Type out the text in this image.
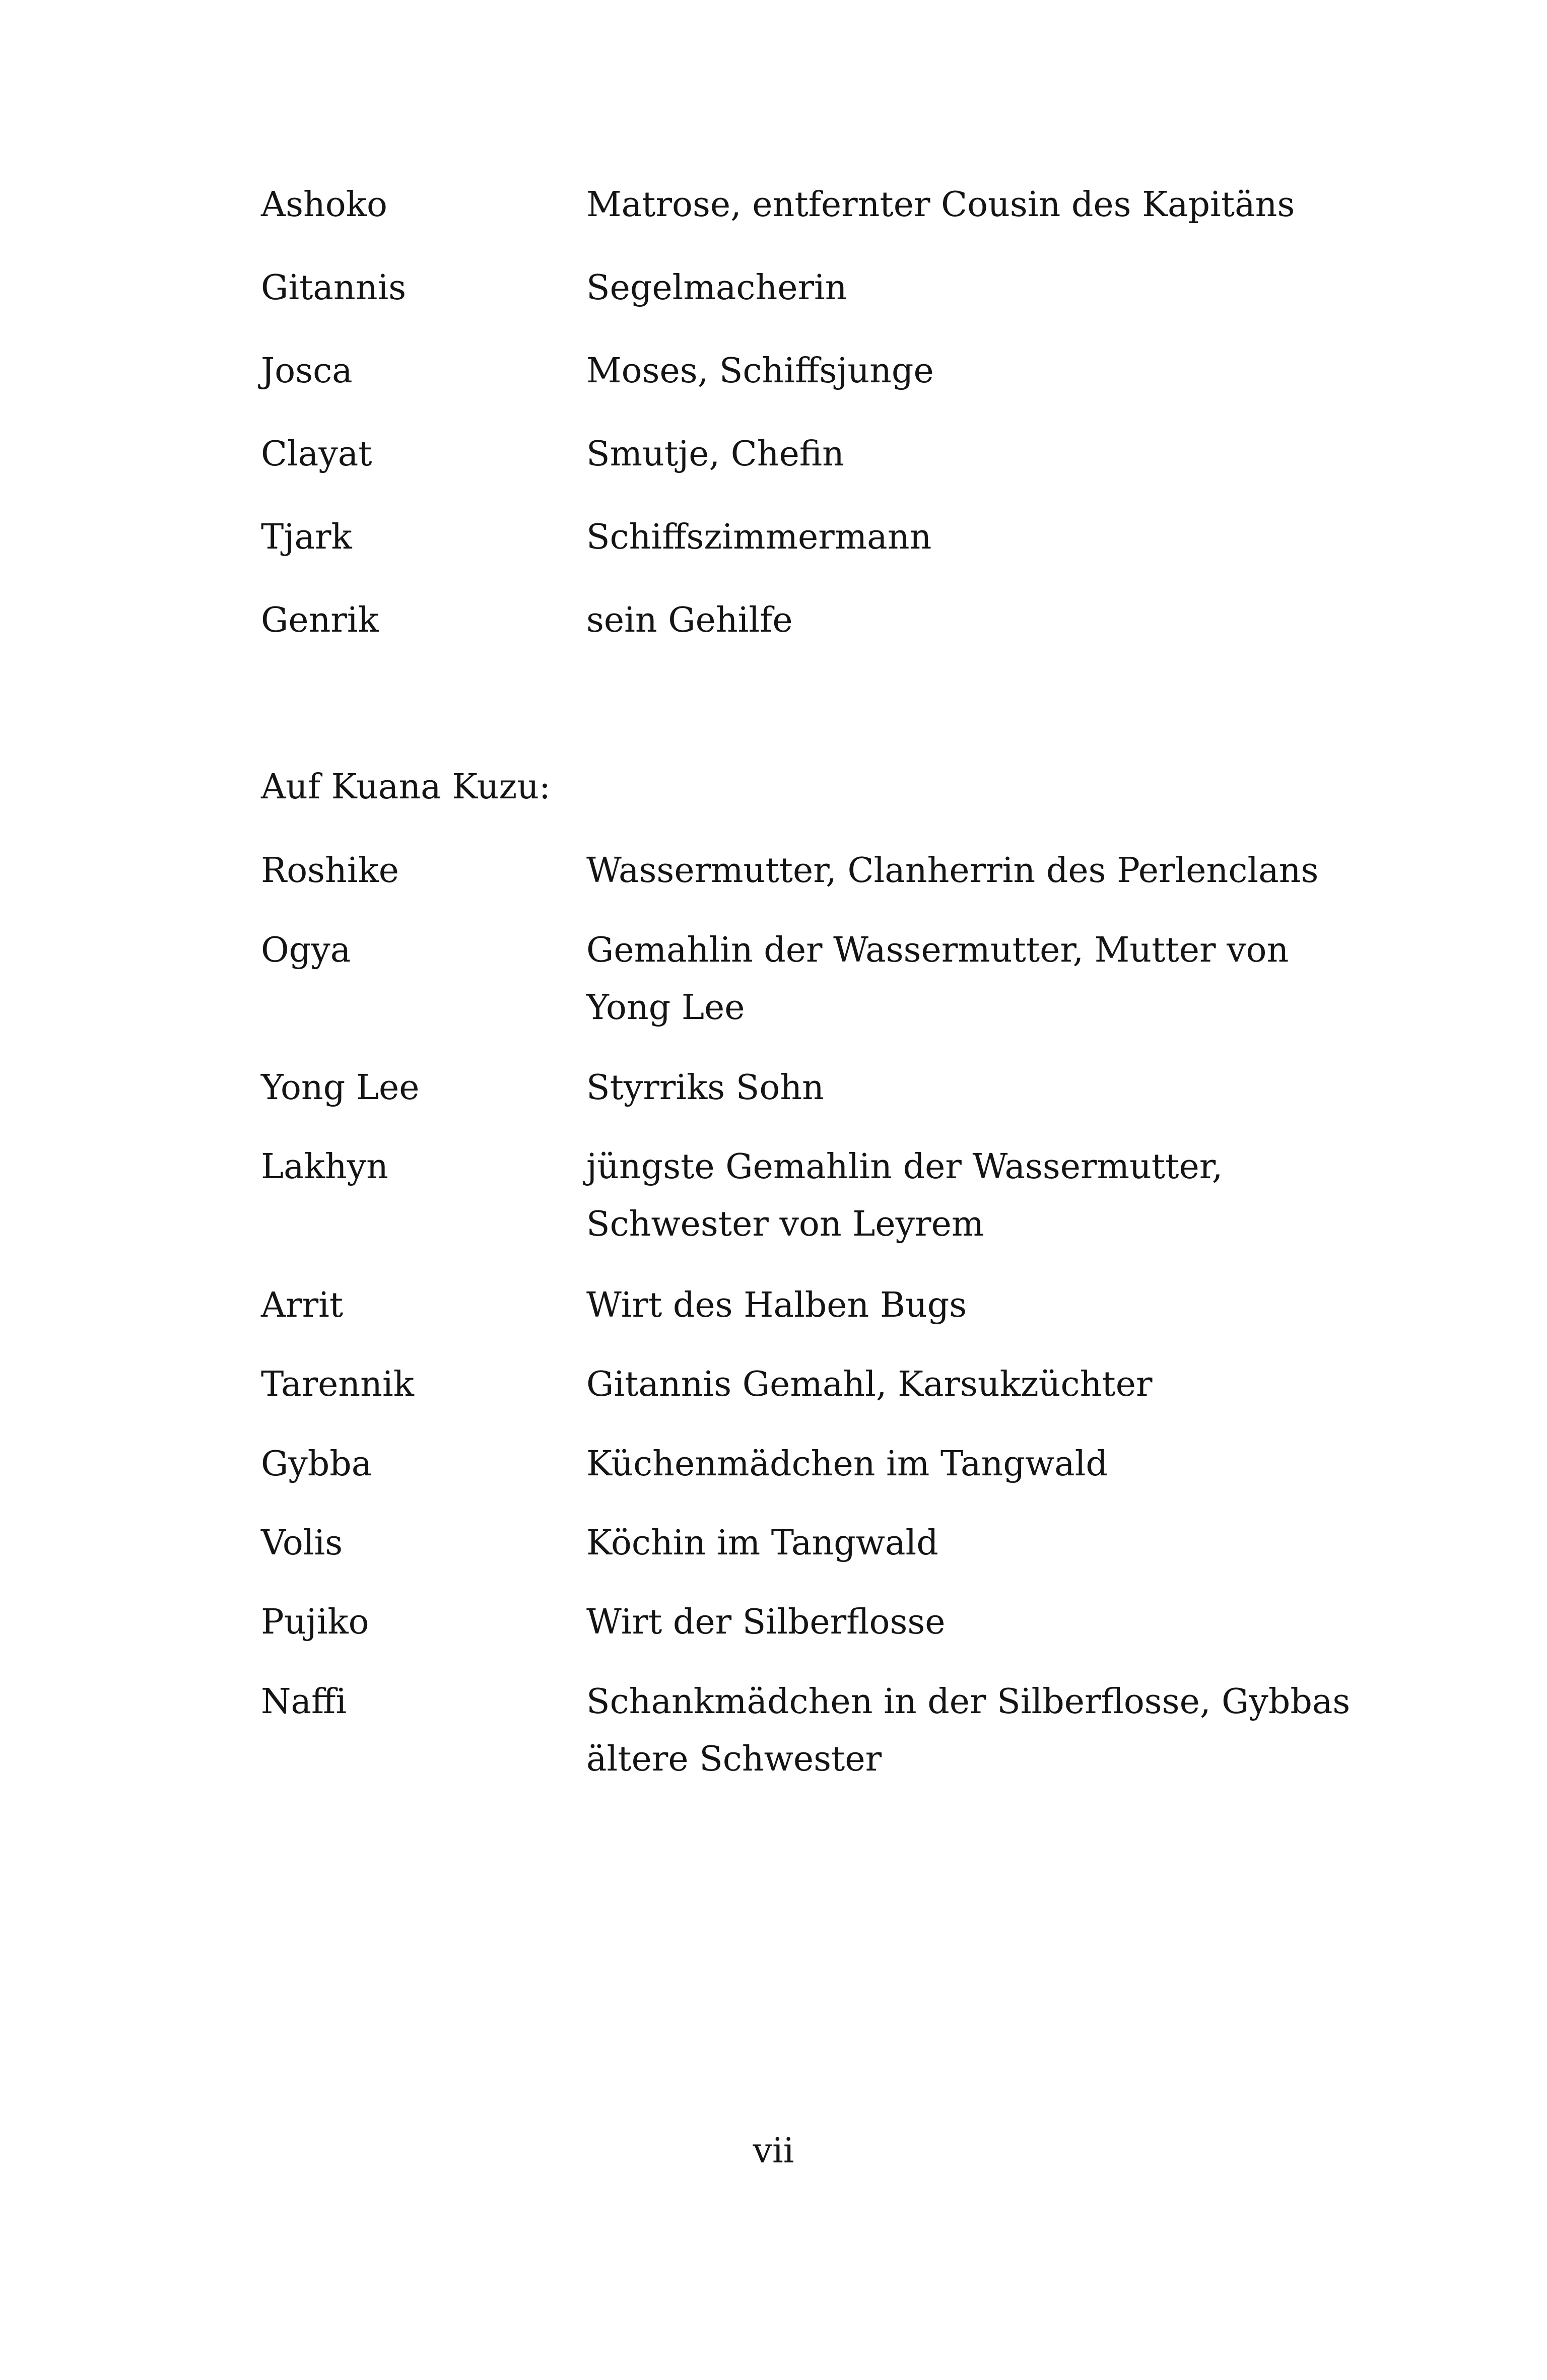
Ashoko	Matrose, entfernter Cousin des Kapitäns
Gitannis	Segelmacherin
Josca	Moses, Schiffsjunge
Clayat	Smutje, Chefin
Tjark	Schiffszimmermann
Genrik	sein Gehilfe
Auf Kuana Kuzu:
Roshike	Wassermutter, Clanherrin des Perlenclans
Ogya	Gemahlin der Wassermutter, Mutter von Yong Lee
Yong Lee	Styrriks Sohn
Lakhyn	jüngste Gemahlin der Wassermutter, Schwester von Leyrem
Arrit	Wirt des Halben Bugs
Tarennik	Gitannis Gemahl, Karsukzüchter
Gybba	Küchenmädchen im Tangwald
Volis	Köchin im Tangwald
Pujiko	Wirt der Silberflosse
Naffi	Schankmädchen in der Silberflosse, Gybbas ältere Schwester
vii
